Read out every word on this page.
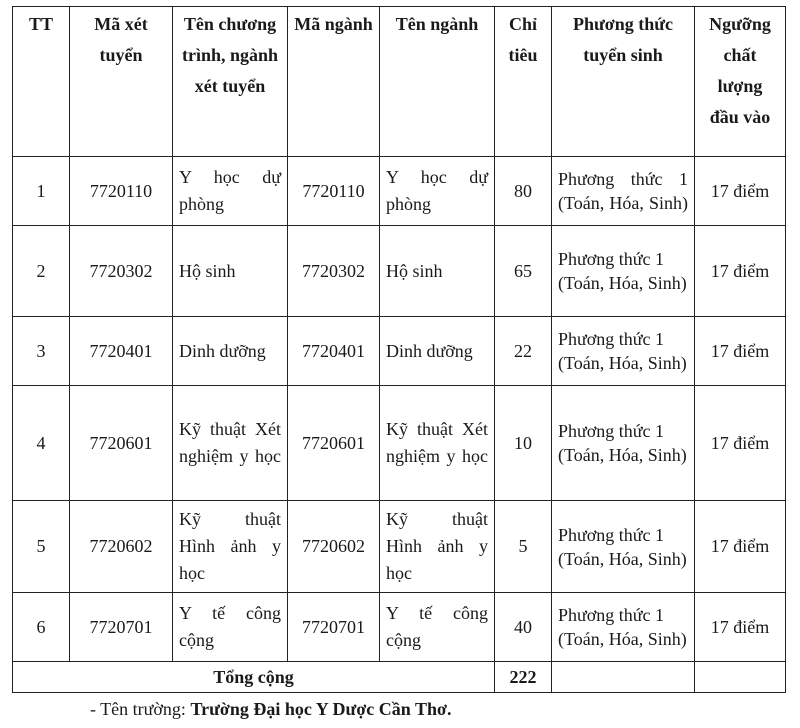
TT	Mã xét tuyển	Tên chương trình, ngành xét tuyển	Mã ngành	Tên ngành	Chỉ tiêu	Phương thức tuyển sinh	Ngưỡng chất lượng đầu vào
1	7720110	Y học dự phòng	7720110	Y học dự phòng	80	Phương thức 1 (Toán, Hóa, Sinh)	17 điểm
2	7720302	Hộ sinh	7720302	Hộ sinh	65	Phương thức 1 (Toán, Hóa, Sinh)	17 điểm
3	7720401	Dinh dưỡng	7720401	Dinh dưỡng	22	Phương thức 1 (Toán, Hóa, Sinh)	17 điểm
4	7720601	Kỹ thuật Xét nghiệm y học	7720601	Kỹ thuật Xét nghiệm y học	10	Phương thức 1 (Toán, Hóa, Sinh)	17 điểm
5	7720602	Kỹ thuật Hình ảnh y học	7720602	Kỹ thuật Hình ảnh y học	5	Phương thức 1 (Toán, Hóa, Sinh)	17 điểm
6	7720701	Y tế công cộng	7720701	Y tế công cộng	40	Phương thức 1 (Toán, Hóa, Sinh)	17 điểm
Tổng cộng					222		
- Tên trường: Trường Đại học Y Dược Cần Thơ.
